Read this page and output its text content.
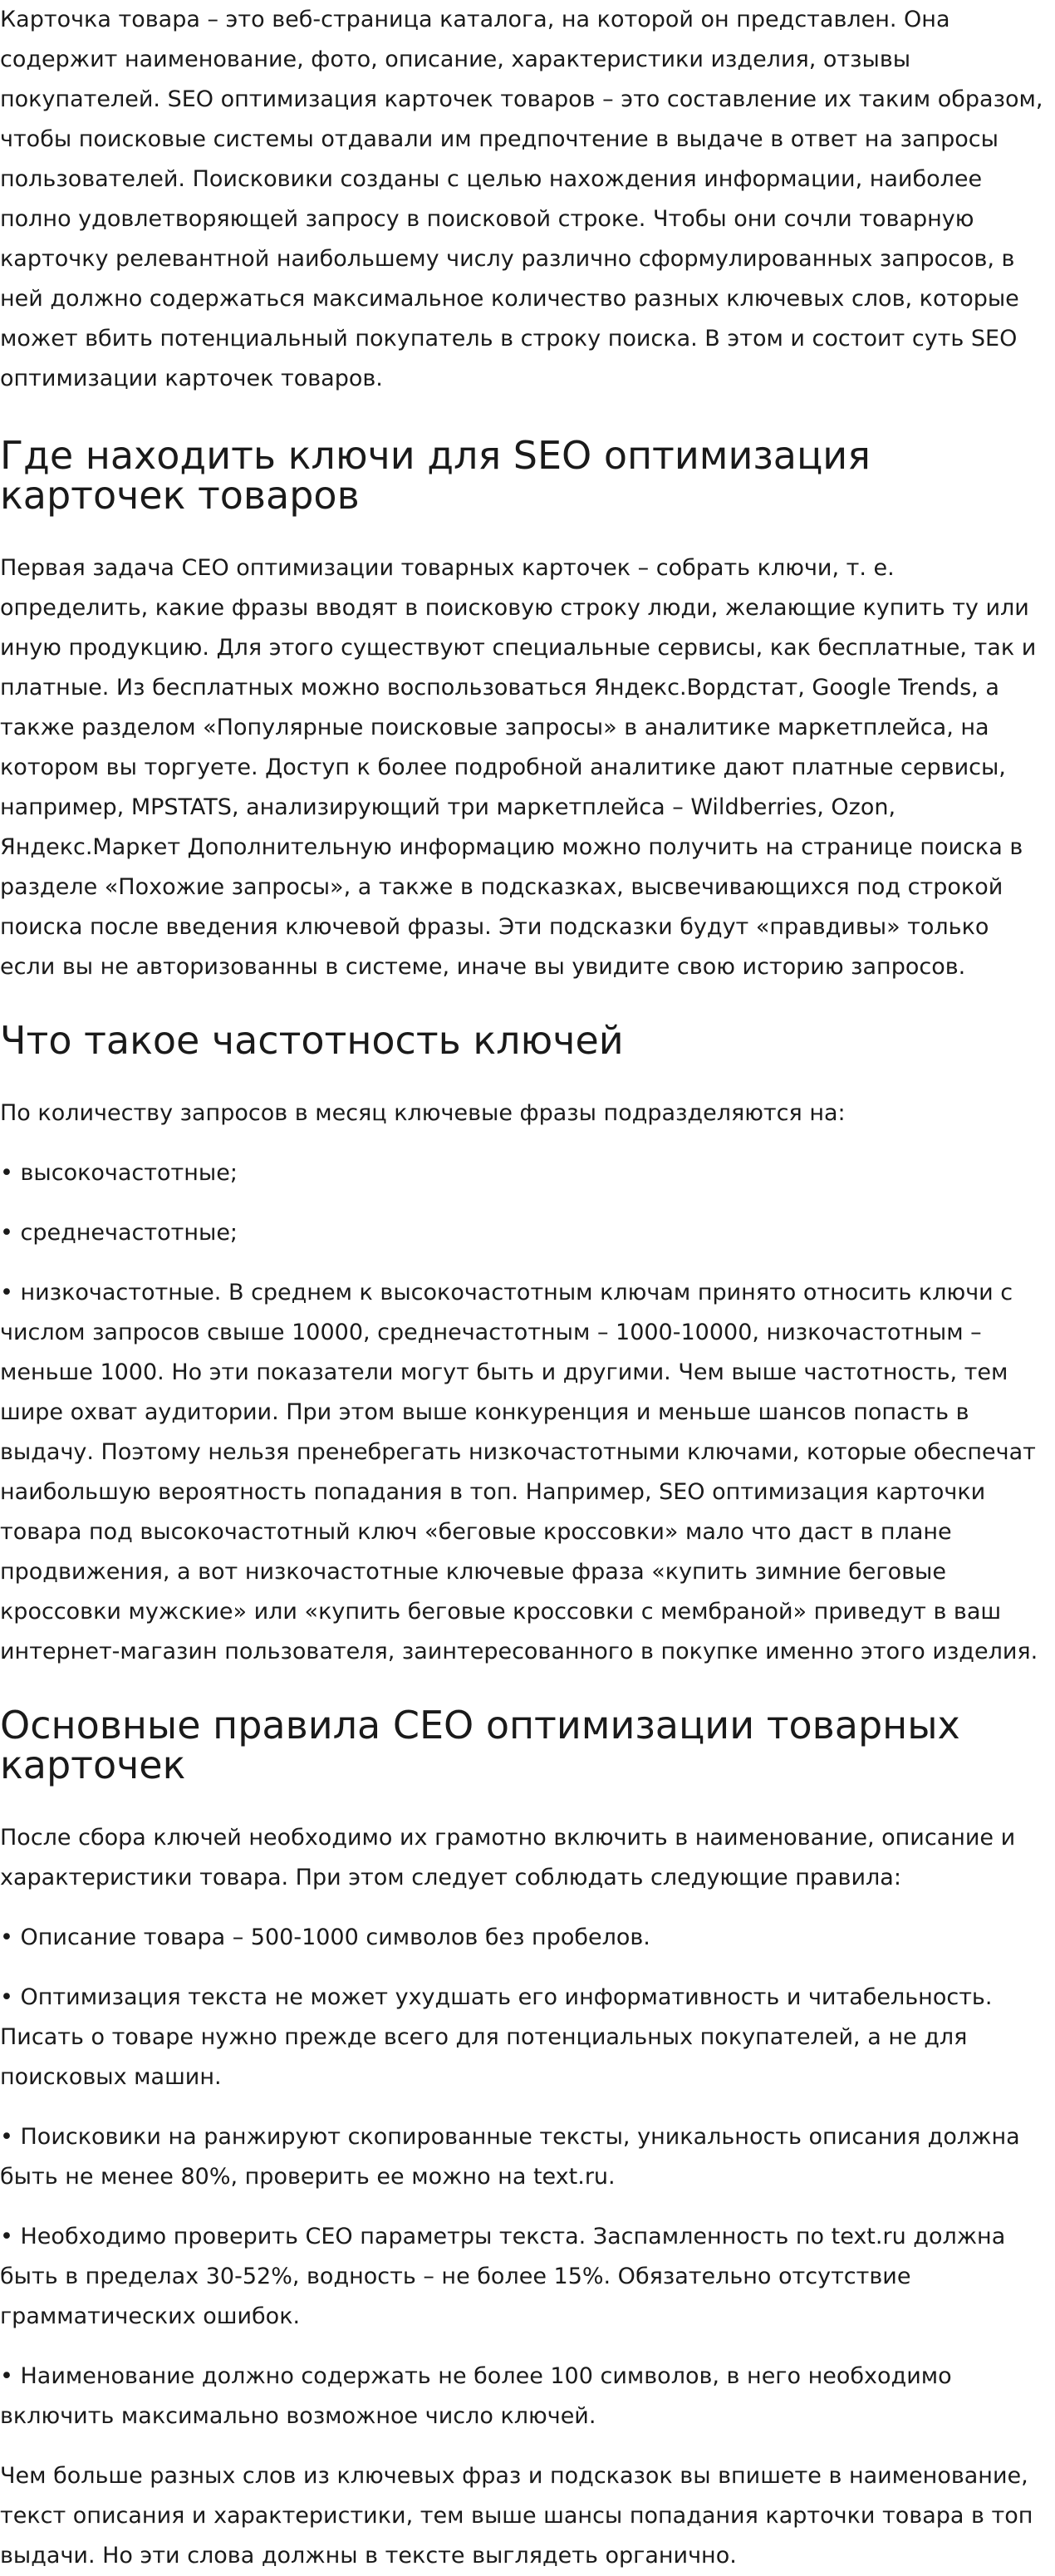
Карточка товара – это веб-страница каталога, на которой он представлен. Она содержит наименование, фото, описание, характеристики изделия, отзывы покупателей. SEO оптимизация карточек товаров – это составление их таким образом, чтобы поисковые системы отдавали им предпочтение в выдаче в ответ на запросы пользователей. Поисковики созданы с целью нахождения информации, наиболее полно удовлетворяющей запросу в поисковой строке. Чтобы они сочли товарную карточку релевантной наибольшему числу различно сформулированных запросов, в ней должно содержаться максимальное количество разных ключевых слов, которые может вбить потенциальный покупатель в строку поиска. В этом и состоит суть SEO оптимизации карточек товаров.

Где находить ключи для SEO оптимизация карточек товаров

Первая задача СЕО оптимизации товарных карточек – собрать ключи, т. е. определить, какие фразы вводят в поисковую строку люди, желающие купить ту или иную продукцию. Для этого существуют специальные сервисы, как бесплатные, так и платные. Из бесплатных можно воспользоваться Яндекс.Вордстат, Google Trends, а также разделом «Популярные поисковые запросы» в аналитике маркетплейса, на котором вы торгуете. Доступ к более подробной аналитике дают платные сервисы, например, MPSTATS, анализирующий три маркетплейса – Wildberries, Ozon, Яндекс.Маркет Дополнительную информацию можно получить на странице поиска в разделе «Похожие запросы», а также в подсказках, высвечивающихся под строкой поиска после введения ключевой фразы. Эти подсказки будут «правдивы» только если вы не авторизованны в системе, иначе вы увидите свою историю запросов.

Что такое частотность ключей

По количеству запросов в месяц ключевые фразы подразделяются на:

• высокочастотные;

• среднечастотные;

• низкочастотные. В среднем к высокочастотным ключам принято относить ключи с числом запросов свыше 10000, среднечастотным – 1000-10000, низкочастотным – меньше 1000. Но эти показатели могут быть и другими. Чем выше частотность, тем шире охват аудитории. При этом выше конкуренция и меньше шансов попасть в выдачу. Поэтому нельзя пренебрегать низкочастотными ключами, которые обеспечат наибольшую вероятность попадания в топ. Например, SEO оптимизация карточки товара под высокочастотный ключ «беговые кроссовки» мало что даст в плане продвижения, а вот низкочастотные ключевые фраза «купить зимние беговые кроссовки мужские» или «купить беговые кроссовки с мембраной» приведут в ваш интернет-магазин пользователя, заинтересованного в покупке именно этого изделия.

Основные правила СЕО оптимизации товарных карточек

После сбора ключей необходимо их грамотно включить в наименование, описание и характеристики товара. При этом следует соблюдать следующие правила:

• Описание товара – 500-1000 символов без пробелов.

• Оптимизация текста не может ухудшать его информативность и читабельность. Писать о товаре нужно прежде всего для потенциальных покупателей, а не для поисковых машин.

• Поисковики на ранжируют скопированные тексты, уникальность описания должна быть не менее 80%, проверить ее можно на text.ru.

• Необходимо проверить СЕО параметры текста. Заспамленность по text.ru должна быть в пределах 30-52%, водность – не более 15%. Обязательно отсутствие грамматических ошибок.

• Наименование должно содержать не более 100 символов, в него необходимо включить максимально возможное число ключей.

Чем больше разных слов из ключевых фраз и подсказок вы впишете в наименование, текст описания и характеристики, тем выше шансы попадания карточки товара в топ выдачи. Но эти слова должны в тексте выглядеть органично.
